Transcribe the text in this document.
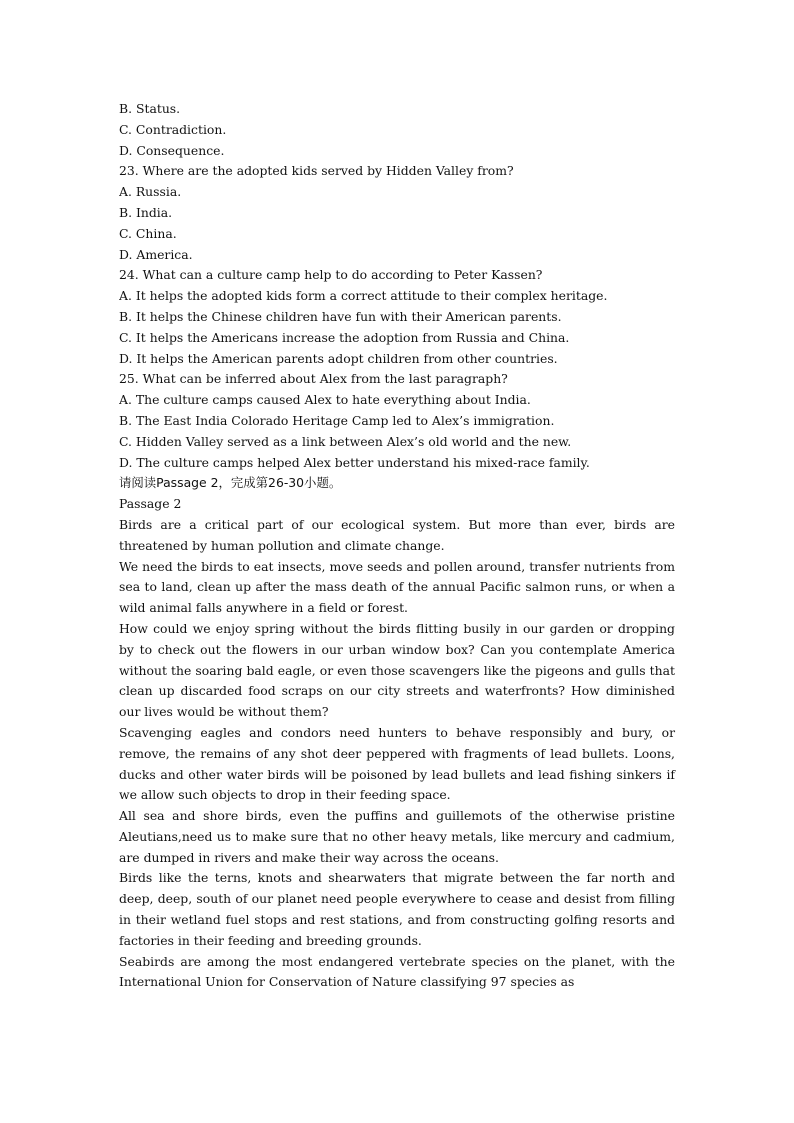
B. Status.
C. Contradiction.
D. Consequence.
23. Where are the adopted kids served by Hidden Valley from?
A. Russia.
B. India.
C. China.
D. America.
24. What can a culture camp help to do according to Peter Kassen?
A. It helps the adopted kids form a correct attitude to their complex heritage.
B. It helps the Chinese children have fun with their American parents.
C. It helps the Americans increase the adoption from Russia and China.
D. It helps the American parents adopt children from other countries.
25. What can be inferred about Alex from the last paragraph?
A. The culture camps caused Alex to hate everything about India.
B. The East India Colorado Heritage Camp led to Alex’s immigration.
C. Hidden Valley served as a link between Alex’s old world and the new.
D. The culture camps helped Alex better understand his mixed-race family.
请阅读Passage 2，完成第26-30小题。
Passage 2
Birds are a critical part of our ecological system. But more than ever, birds are threatened by human pollution and climate change.
We need the birds to eat insects, move seeds and pollen around, transfer nutrients from sea to land, clean up after the mass death of the annual Pacific salmon runs, or when a wild animal falls anywhere in a field or forest.
How could we enjoy spring without the birds flitting busily in our garden or dropping by to check out the flowers in our urban window box? Can you contemplate America without the soaring bald eagle, or even those scavengers like the pigeons and gulls that clean up discarded food scraps on our city streets and waterfronts? How diminished our lives would be without them?
Scavenging eagles and condors need hunters to behave responsibly and bury, or remove, the remains of any shot deer peppered with fragments of lead bullets. Loons, ducks and other water birds will be poisoned by lead bullets and lead fishing sinkers if we allow such objects to drop in their feeding space.
All sea and shore birds, even the puffins and guillemots of the otherwise pristine Aleutians,need us to make sure that no other heavy metals, like mercury and cadmium, are dumped in rivers and make their way across the oceans.
Birds like the terns, knots and shearwaters that migrate between the far north and deep, deep, south of our planet need people everywhere to cease and desist from filling in their wetland fuel stops and rest stations, and from constructing golfing resorts and factories in their feeding and breeding grounds.
Seabirds are among the most endangered vertebrate species on the planet, with the International Union for Conservation of Nature classifying 97 species as
